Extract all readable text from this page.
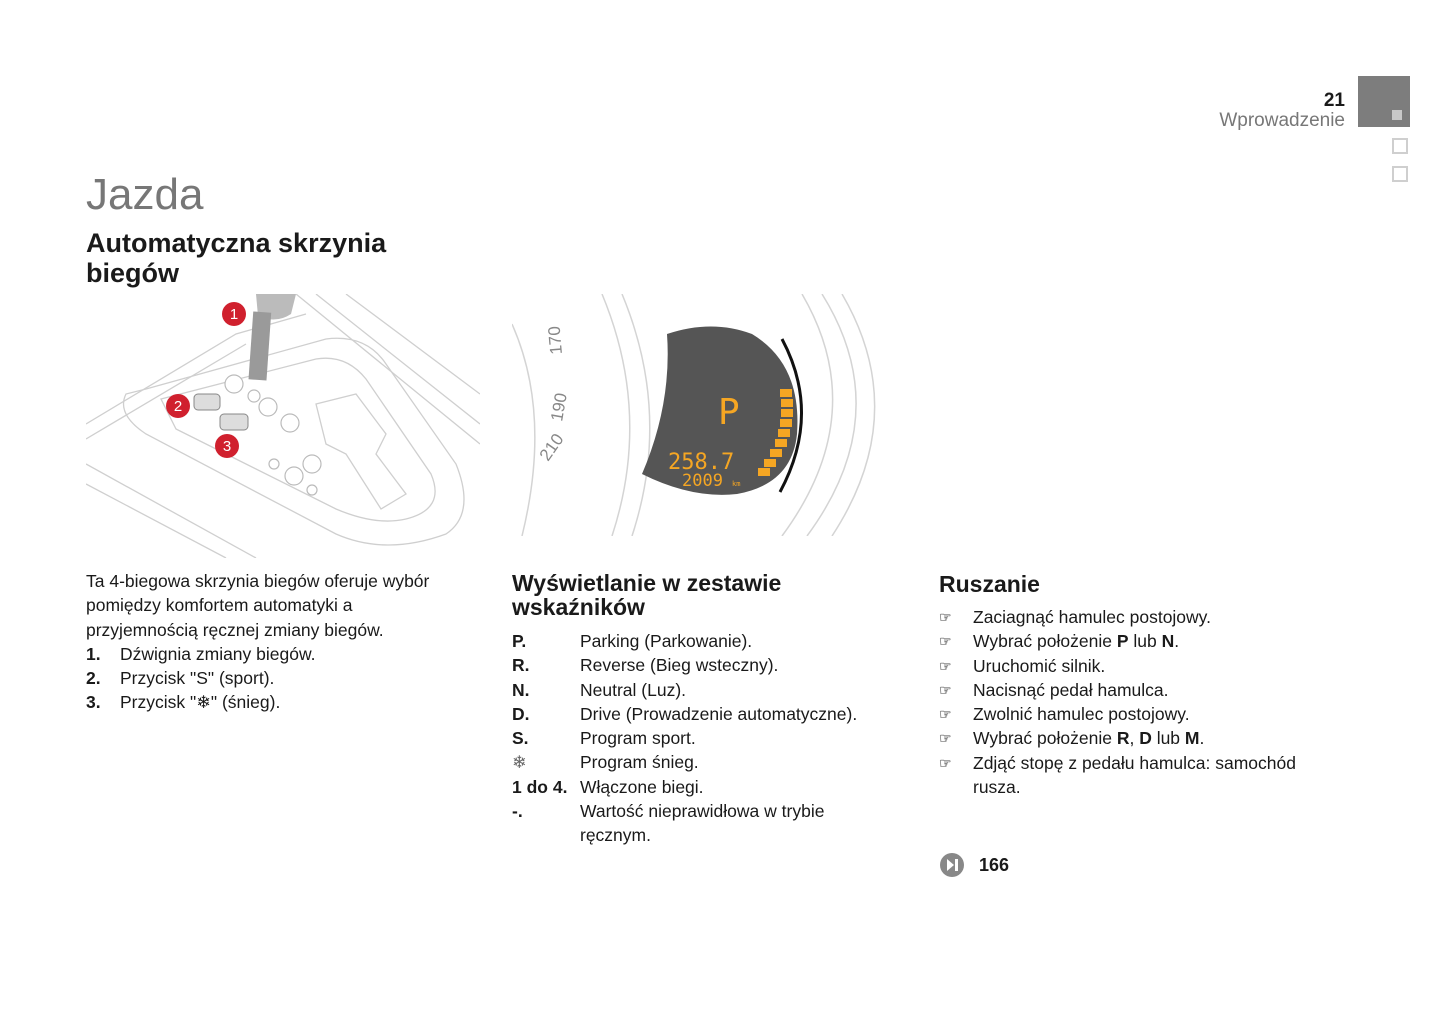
21
Wprowadzenie
Jazda
Automatyczna skrzynia biegów
1
2
3
170
190
210
P
258.7
2009 km
Ta 4-biegowa skrzynia biegów oferuje wybór pomiędzy komfortem automatyki a przyjemnością ręcznej zmiany biegów.
1.	Dźwignia zmiany biegów.
2.	Przycisk "S" (sport).
3.	Przycisk "❄" (śnieg).
Wyświetlanie w zestawie wskaźników
P.	Parking (Parkowanie).
R.	Reverse (Bieg wsteczny).
N.	Neutral (Luz).
D.	Drive (Prowadzenie automatyczne).
S.	Program sport.
❄	Program śnieg.
1 do 4. Włączone biegi.
-.	Wartość nieprawidłowa w trybie ręcznym.
Ruszanie
☞	Zaciagnąć hamulec postojowy.
☞	Wybrać położenie P lub N.
☞	Uruchomić silnik.
☞	Nacisnąć pedał hamulca.
☞	Zwolnić hamulec postojowy.
☞	Wybrać położenie R, D lub M.
☞	Zdjąć stopę z pedału hamulca: samochód rusza.
166
